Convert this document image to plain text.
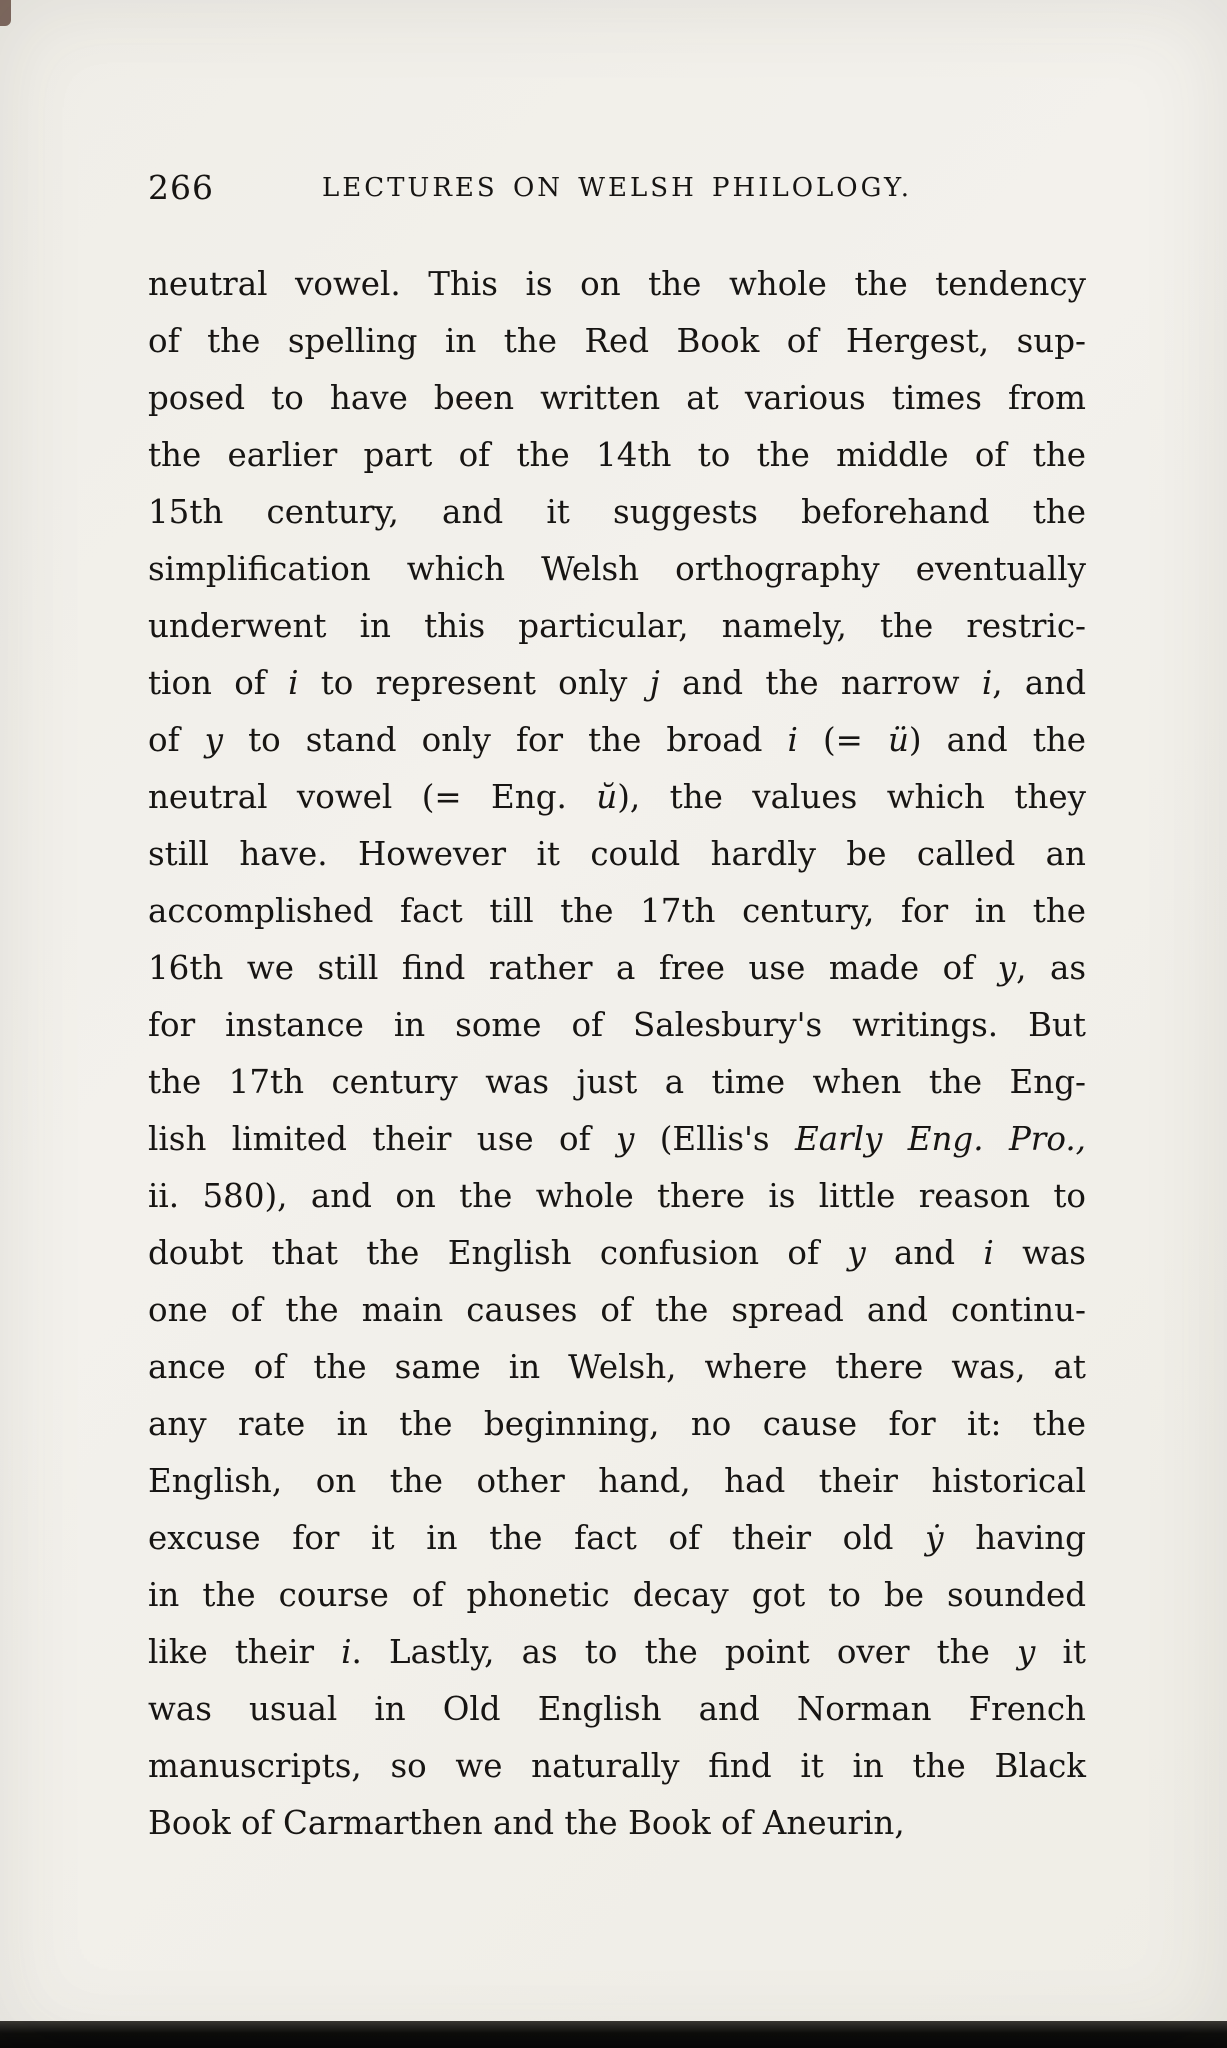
266	LECTURES ON WELSH PHILOLOGY.
neutral vowel. This is on the whole the tendency
of the spelling in the Red Book of Hergest, sup-
posed to have been written at various times from
the earlier part of the 14th to the middle of the
15th century, and it suggests beforehand the
simplification which Welsh orthography eventually
underwent in this particular, namely, the restric-
tion of i to represent only j and the narrow i, and
of y to stand only for the broad i (= ü) and the
neutral vowel (= Eng. ŭ), the values which they
still have. However it could hardly be called an
accomplished fact till the 17th century, for in the
16th we still find rather a free use made of y, as
for instance in some of Salesbury's writings. But
the 17th century was just a time when the Eng-
lish limited their use of y (Ellis's Early Eng. Pro.,
ii. 580), and on the whole there is little reason to
doubt that the English confusion of y and i was
one of the main causes of the spread and continu-
ance of the same in Welsh, where there was, at
any rate in the beginning, no cause for it: the
English, on the other hand, had their historical
excuse for it in the fact of their old ẏ having
in the course of phonetic decay got to be sounded
like their i. Lastly, as to the point over the y it
was usual in Old English and Norman French
manuscripts, so we naturally find it in the Black
Book of Carmarthen and the Book of Aneurin,
